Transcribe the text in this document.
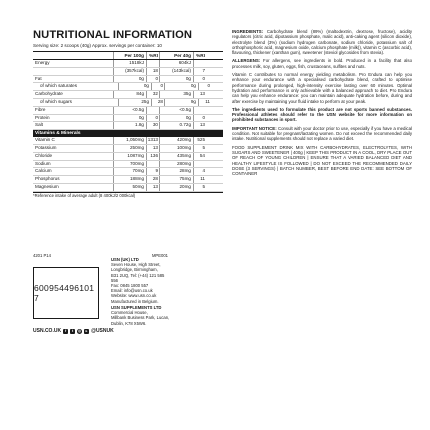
NUTRITIONAL INFORMATION
Serving size: 2 scoops (40g) Approx. servings per container: 10
Per 100g	%RI	Per 40g	%RI
Energy	1518kJ	604kJ
(357kcal)	18	(143kcal)	7
Fat	0g	0	0g	0
of which saturates	0g	0	0g	0
Carbohydrate	84g	32	35g	13
of which sugars	25g	28	9g	11
Fibre	<0.5g	<0.5g
Protein	0g	0	0g	0
Salt	1.8g	30	0.72g	13
Vitamins & Minerals
Vitamin C	1,050mg 1313	420mg	525
Potassium	250mg	13	100mg	5
Chloride	1087mg	136	435mg	54
Sodium	700mg	280mg
Calcium	70mg	9	28mg	4
Phosphorus	188mg	28	75mg	11
Magnesium	50mg	13	20mg	5
*Reference intake of average adult (8 400kJ/2 000kcal)

INGREDIENTS: Carbohydrate blend (89%) (maltodextrin, dextrose, fructose), acidity regulators (citric acid, dipotassium phosphate, malic acid), anti-caking agent (silicon dioxide), electrolyte blend (3%) (sodium hydrogen carbonate, sodium chloride, potassium salt of orthophosphoric acid, magnesium oxide, calcium phosphate (milk)), vitamin C (ascorbic acid), flavouring, thickener (xanthan gum), sweetener (steviol glycosides from stevia).

ALLERGENS: For allergens, see ingredients in bold. Produced in a facility that also processes milk, soy, gluten, eggs, fish, crustaceans, sulfites and nuts.

Vitamin C contributes to normal energy yielding metabolism. Pro Endura can help you enhance your endurance with a specialised carbohydrate blend, crafted to optimise performance during prolonged, high-intensity exercise lasting over 60 minutes. Optimal hydration and performance is only achievable with a balanced approach to diet. Pro Endura can help you enhance endurance: you can maintain adequate hydration before, during and after exercise by maintaining your fluid intake to perform at your peak.

The ingredients used to formulate this product are not sports banned substances. Professional athletes should refer to the USN website for more information on prohibited substances in sport.

IMPORTANT NOTICE: Consult with your doctor prior to use, especially if you have a medical condition. Not suitable for pregnant/lactating women. Do not exceed the recommended daily intake. Nutritional supplements should not replace a varied diet.

FOOD SUPPLEMENT DRINK MIX WITH CARBOHYDRATES, ELECTROLYTES, WITH SUGARS AND SWEETENER | 400g | KEEP THIS PRODUCT IN A COOL, DRY PLACE OUT OF REACH OF YOUNG CHILDREN | ENSURE THAT A VARIED BALANCED DIET AND HEALTHY LIFESTYLE IS FOLLOWED | DO NOT EXCEED THE RECOMMENDED DAILY DOSE (3 SERVINGS) | BATCH NUMBER, BEST BEFORE END DATE: SEE BOTTOM OF CONTAINER

4201 P14	MPE001
600954496101 7
USN (UK) LTD
Seven House, High Street,
Longbridge, Birmingham,
B31 2UQ, Tel: (+44) 121 585 556
Fax: 0845 1800 557
Email: info@usn.co.uk
Website: www.usn.co.uk
Manufactured in Belgium.
USN SUPPLEMENTS LTD
Commercial House,
Millbank Business Park, Lucan,
Dublin, K78 X5W6.
USN.CO.UK	f	t	◎	▸ @USNUK
